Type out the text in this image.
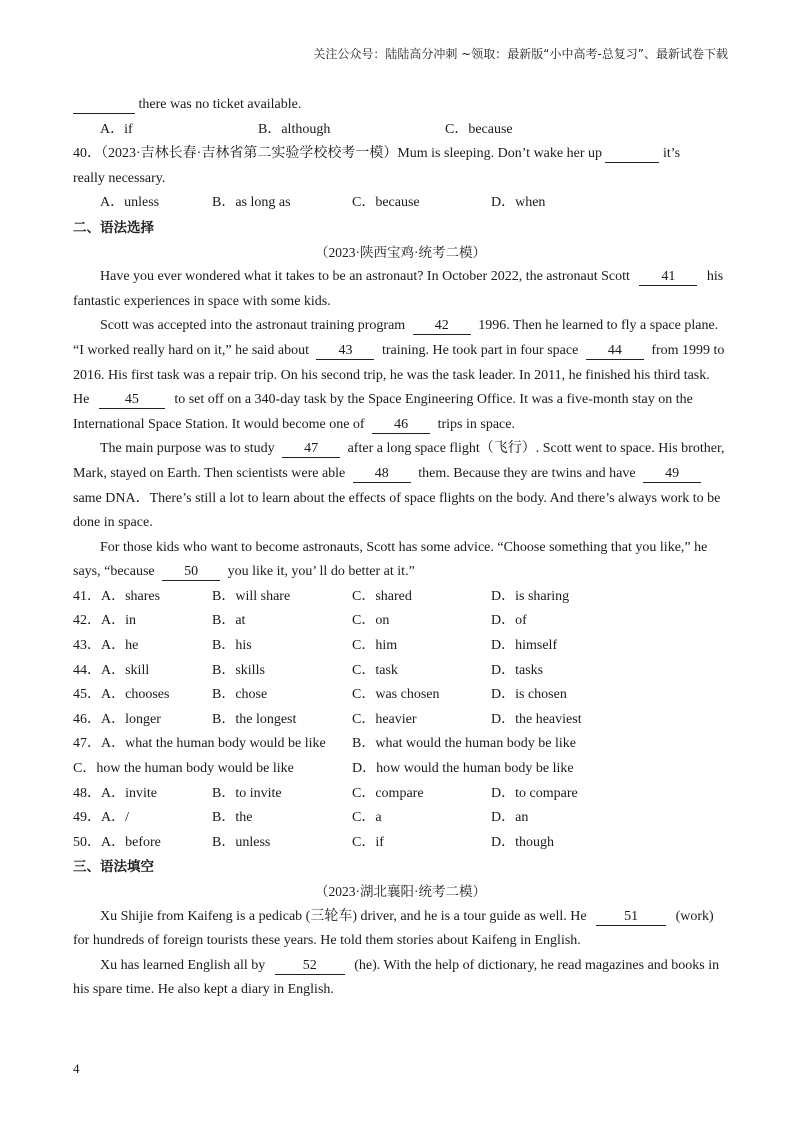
关注公众号：陆陆高分冲刺 ~领取：最新版“小中高考-总复习”、最新试卷下载
there was no ticket available.
A．if	B．although	C．because
40．（2023·吉林长春·吉林省第二实验学校校考一模）Mum is sleeping. Don’t wake her up	it’s
really necessary.
A．unless	B．as long as	C．because	D．when
二、语法选择
（2023·陕西宝鸡·统考二模）
Have you ever wondered what it takes to be an astronaut? In October 2022, the astronaut Scott 41 his
fantastic experiences in space with some kids.
Scott was accepted into the astronaut training program 42 1996. Then he learned to fly a space plane.
“I worked really hard on it,” he said about 43 training. He took part in four space 44 from 1999 to
2016. His first task was a repair trip. On his second trip, he was the task leader. In 2011, he finished his third task.
He	45	to set off on a 340-day task by the Space Engineering Office. It was a five-month stay on the
International Space Station. It would become one of 46 trips in space.
The main purpose was to study 47 after a long space flight（飞行）. Scott went to space. His brother,
Mark, stayed on Earth. Then scientists were able 48 them. Because they are twins and have 49
same DNA．There’s still a lot to learn about the effects of space flights on the body. And there’s always work to be
done in space.
For those kids who want to become astronauts, Scott has some advice. “Choose something that you like,” he
says, “because 50 you like it, you’ ll do better at it.”
41．A．shares	B．will share	C．shared	D．is sharing
42．A．in	B．at	C．on	D．of
43．A．he	B．his	C．him	D．himself
44．A．skill	B．skills	C．task	D．tasks
45．A．chooses	B．chose	C．was chosen	D．is chosen
46．A．longer	B．the longest	C．heavier	D．the heaviest
47．A．what the human body would be like B．what would the human body be like
C．how the human body would be like	D．how would the human body be like
48．A．invite	B．to invite	C．compare	D．to compare
49．A．/	B．the	C．a	D．an
50．A．before	B．unless	C．if	D．though
三、语法填空
（2023·湖北襄阳·统考二模）
Xu Shijie from Kaifeng is a pedicab (三轮车) driver, and he is a tour guide as well. He	51	(work)
for hundreds of foreign tourists these years. He told them stories about Kaifeng in English.
Xu has learned English all by	52	(he). With the help of dictionary, he read magazines and books in
his spare time. He also kept a diary in English.
4
